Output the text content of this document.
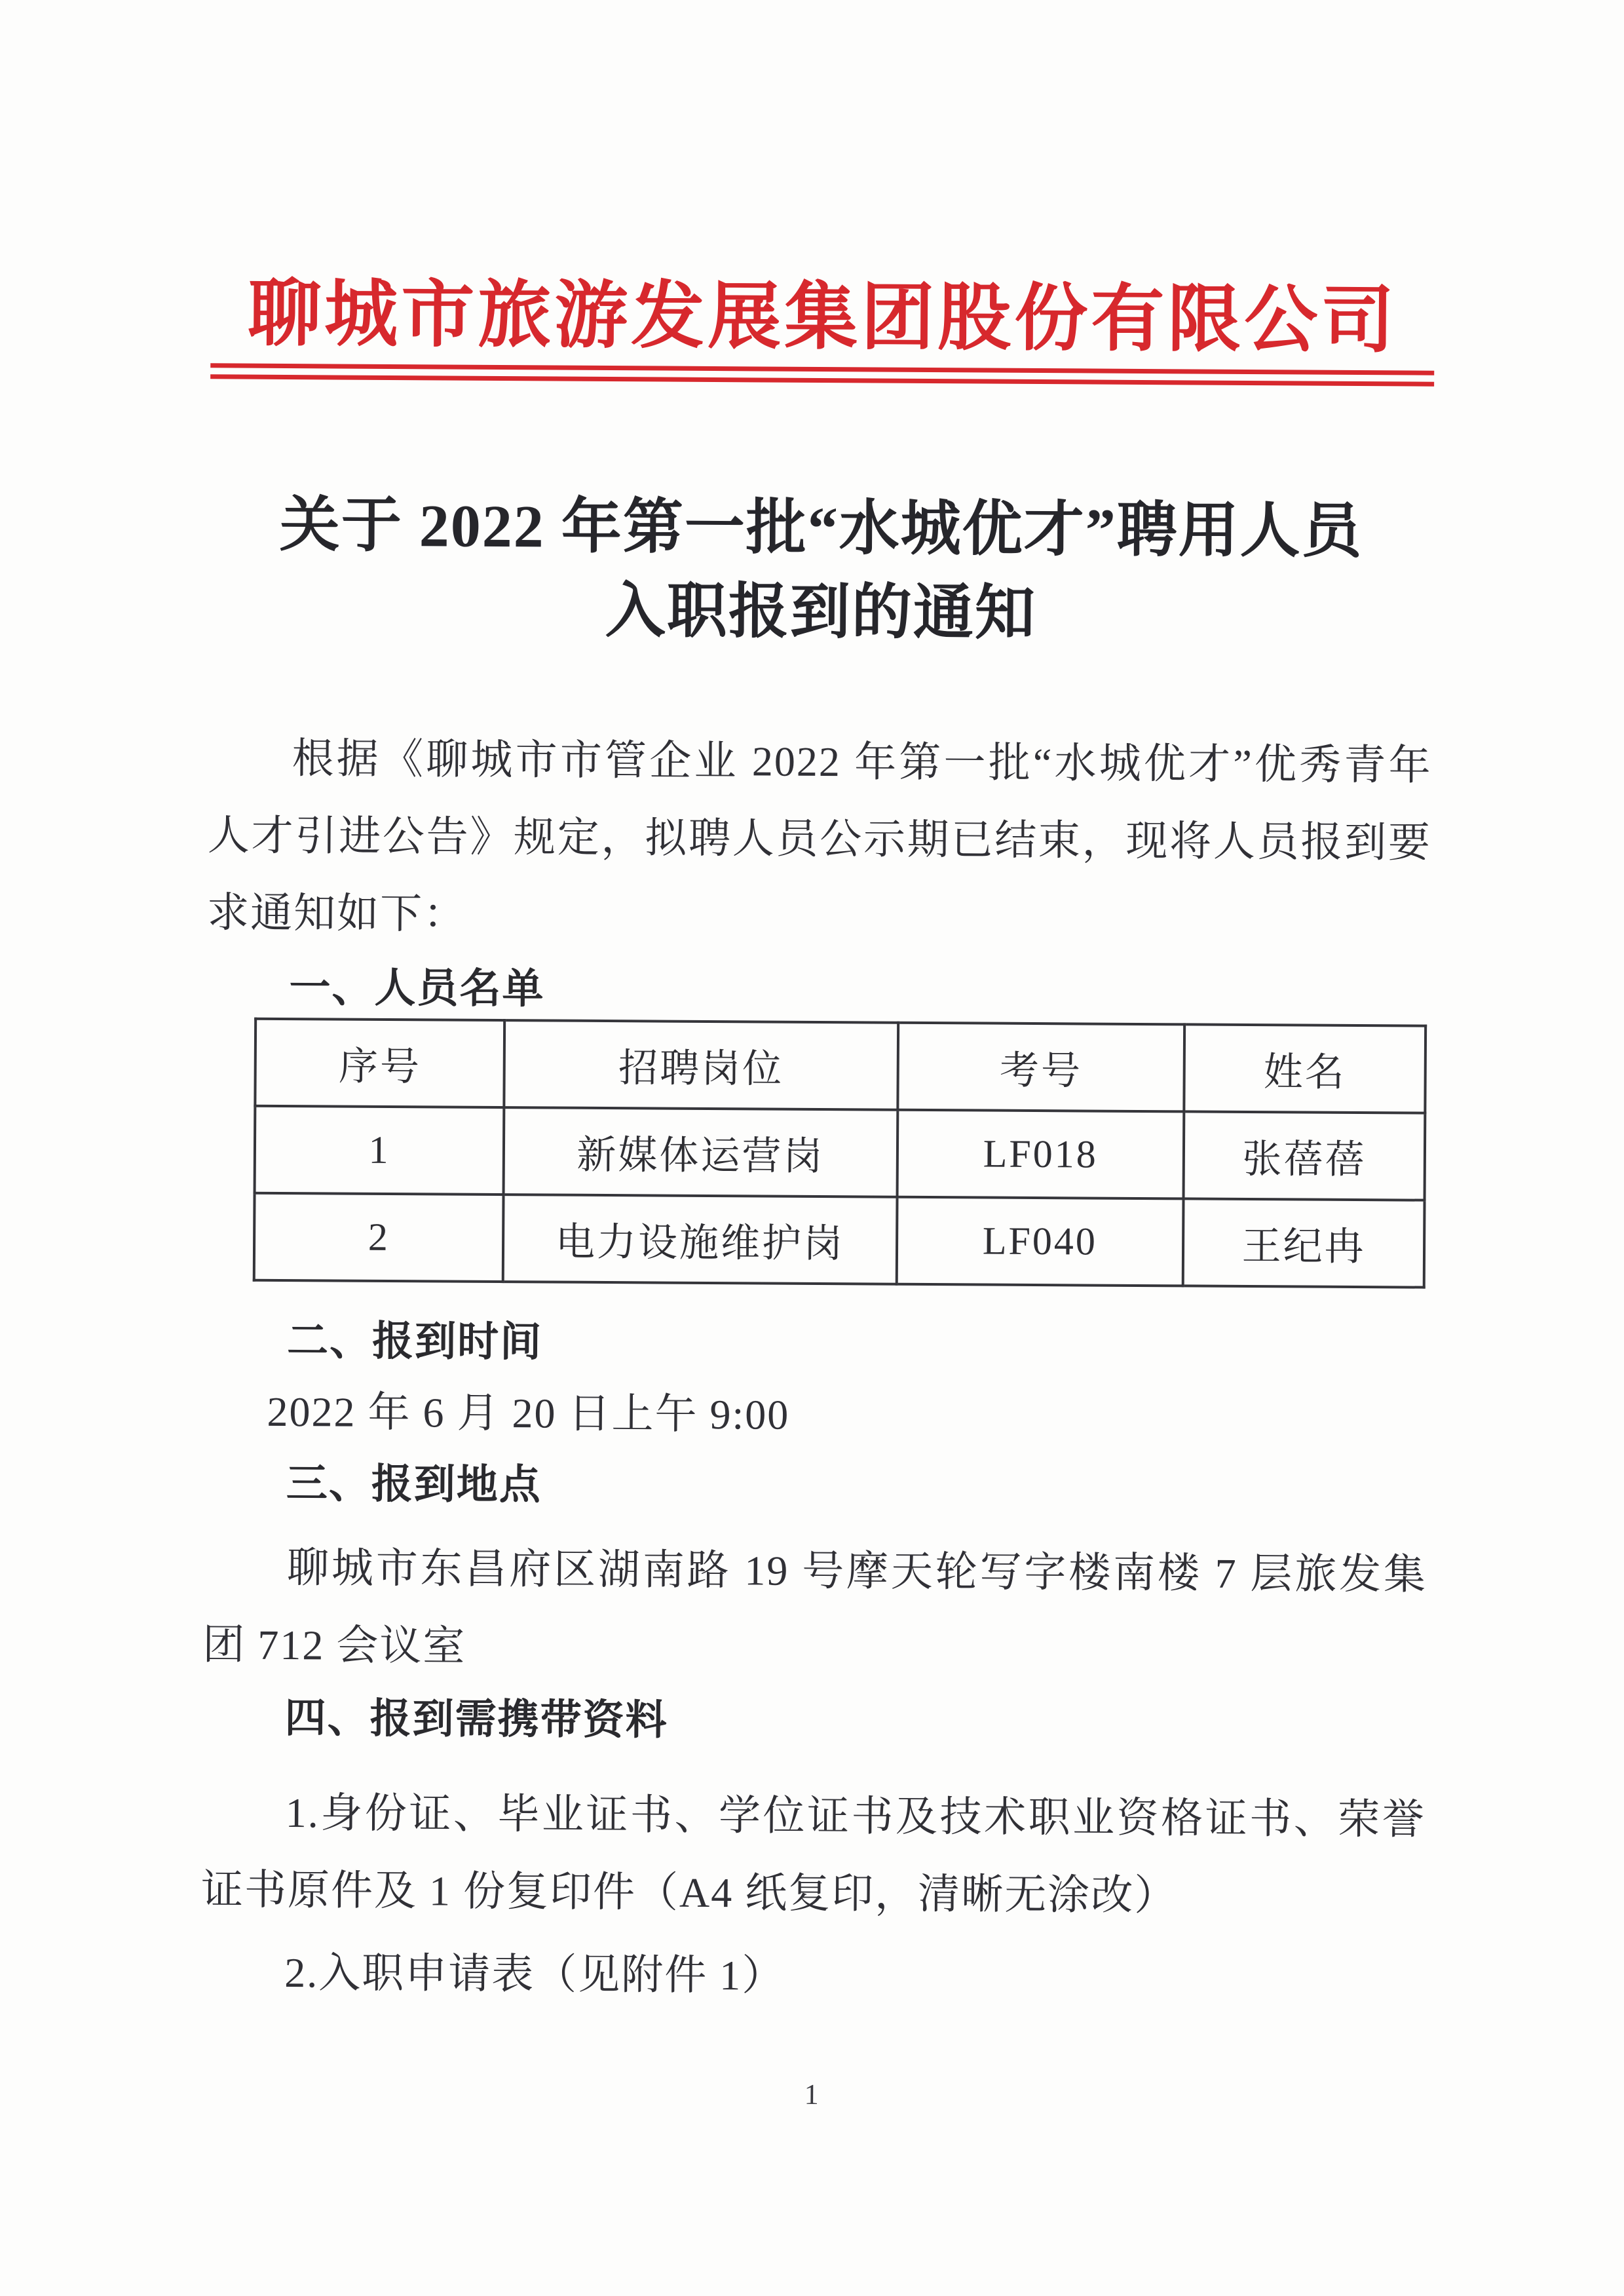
聊城市旅游发展集团股份有限公司
关于 2022 年第一批“水城优才”聘用人员
入职报到的通知

根据《聊城市市管企业 2022 年第一批“水城优才”优秀青年人才引进公告》规定，拟聘人员公示期已结束，现将人员报到要求通知如下：

一、人员名单

序号	招聘岗位	考号	姓名
1	新媒体运营岗	LF018	张蓓蓓
2	电力设施维护岗	LF040	王纪冉

二、报到时间

2022 年 6 月 20 日上午 9:00

三、报到地点

聊城市东昌府区湖南路 19 号摩天轮写字楼南楼 7 层旅发集团 712 会议室

四、报到需携带资料

1.身份证、毕业证书、学位证书及技术职业资格证书、荣誉证书原件及 1 份复印件（A4 纸复印，清晰无涂改）

2.入职申请表（见附件 1）

1
